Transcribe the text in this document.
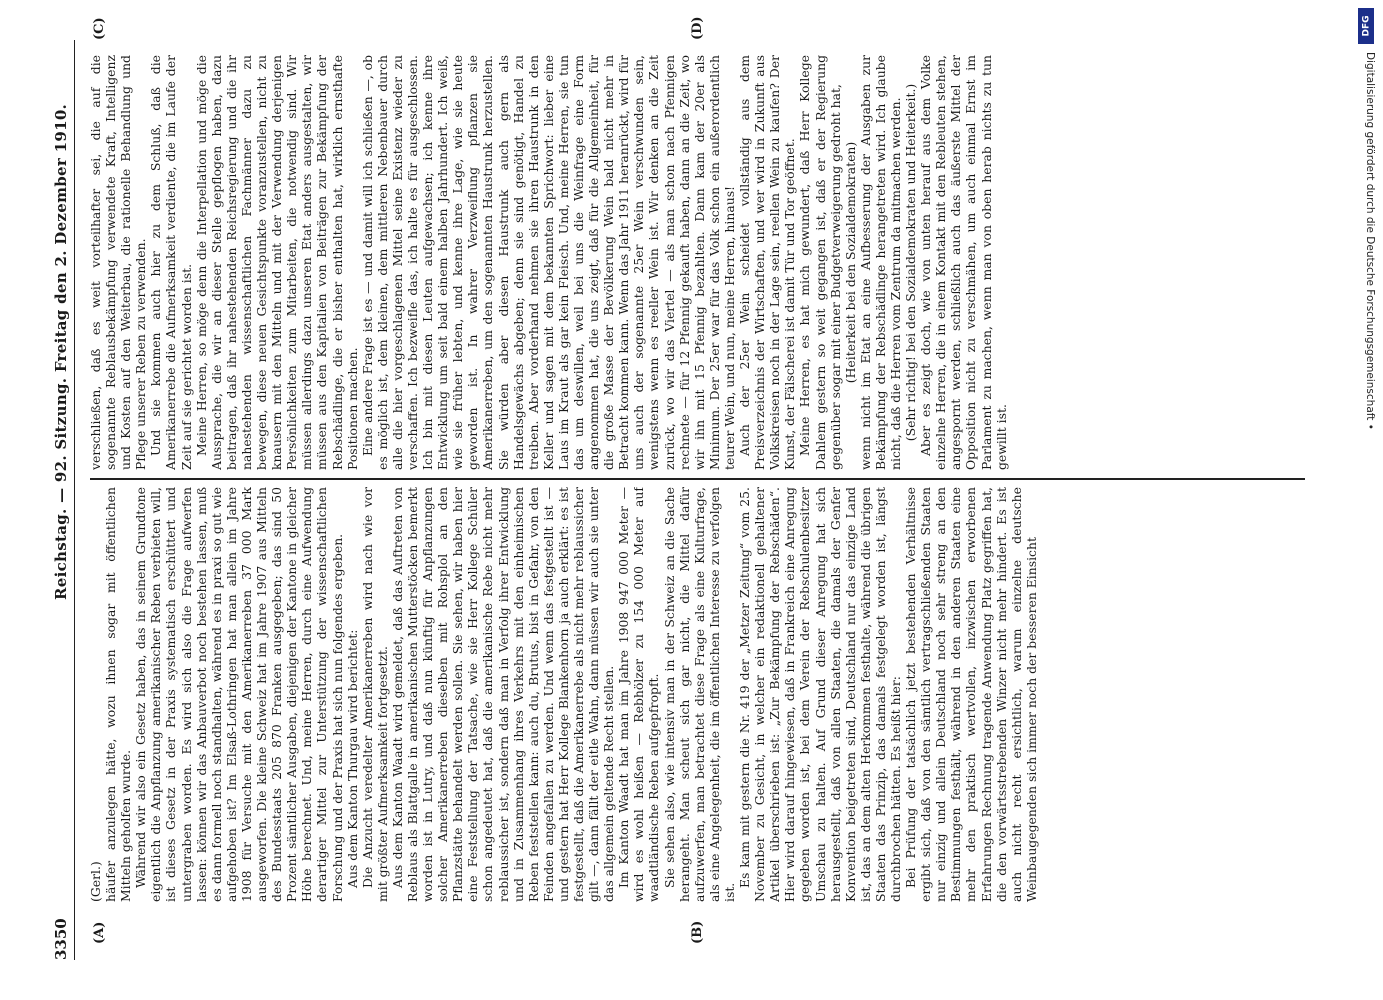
3350
Reichstag. — 92. Sitzung. Freitag den 2. Dezember 1910.
(A)	(B)
(C)	(D)

(Gerl.) häufer anzulegen hätte, wozu ihnen sogar mit öffentlichen Mitteln geholfen wurde. Während wir also ein Gesetz haben, das in seinem Grundtone eigentlich die Anpflanzung amerikanischer Reben verbieten will, ist dieses Gesetz in der Praxis systematisch erschüttert und untergraben worden. Es wird sich also die Frage aufwerfen lassen: können wir das Anbauverbot noch bestehen lassen, muß es dann formell noch standhalten, während es in praxi so gut wie aufgehoben ist? Im Elsaß-Lothringen hat man allein im Jahre 1908 für Versuche mit den Amerikanerreben 37 000 Mark ausgeworfen. Die kleine Schweiz hat im Jahre 1907 aus Mitteln des Bundesstaats 205 870 Franken ausgegeben; das sind 50 Prozent sämtlicher Ausgaben, diejenigen der Kantone in gleicher Höhe berechnet. Und, meine Herren, durch eine Aufwendung derartiger Mittel zur Unterstützung der wissenschaftlichen Forschung und der Praxis hat sich nun folgendes ergeben. Aus dem Kanton Thurgau wird berichtet: Die Anzucht veredelter Amerikanerreben wird nach wie vor mit größter Aufmerksamkeit fortgesetzt. Aus dem Kanton Waadt wird gemeldet, daß das Auftreten von Reblaus als Blattgalle in amerikanischen Mutterstöcken bemerkt worden ist in Lutry, und daß nun künftig für Anpflanzungen solcher Amerikanerreben dieselben mit Rohsplol an den Pflanzstätte behandelt werden sollen. Sie sehen, wir haben hier eine Feststellung der Tatsache, wie sie Herr Kollege Schüler schon angedeutet hat, daß die amerikanische Rebe nicht mehr reblaussicher ist, sondern daß man in Verfolg ihrer Entwicklung und in Zusammenhang ihres Verkehrs mit den einheimischen Reben feststellen kann: auch du, Brutus, bist in Gefahr, von den Feinden angefallen zu werden. Und wenn das festgestellt ist — und gestern hat Herr Kollege Blankenhorn ja auch erklärt: es ist festgestellt, daß die Amerikanerrebe als nicht mehr reblaussicher gilt —, dann fällt der eitle Wahn, dann müssen wir auch sie unter das allgemein geltende Recht stellen. Im Kanton Waadt hat man im Jahre 1908 947 000 Meter — wird es wohl heißen — Rebhölzer zu 154 000 Meter auf waadtländische Reben aufgepfropft. Sie sehen also, wie intensiv man in der Schweiz an die Sache herangeht. Man scheut sich gar nicht, die Mittel dafür aufzuwerfen, man betrachtet diese Frage als eine Kulturfrage, als eine Angelegenheit, die im öffentlichen Interesse zu verfolgen ist.

Es kam mit gestern die Nr. 419 der „Metzer Zeitung“ vom 25. November zu Gesicht, in welcher ein redaktionell gehaltener Artikel überschrieben ist: „Zur Bekämpfung der Rebschäden“. Hier wird darauf hingewiesen, daß in Frankreich eine Anregung gegeben worden ist, bei dem Verein der Rebschulenbesitzer Umschau zu halten. Auf Grund dieser Anregung hat sich herausgestellt, daß von allen Staaten, die damals der Genfer Konvention beigetreten sind, Deutschland nur das einzige Land ist, das an dem alten Herkommen festhalte, während die übrigen Staaten das Prinzip, das damals festgelegt worden ist, längst durchbrochen hätten. Es heißt hier: Bei Prüfung der tatsächlich jetzt bestehenden Verhältnisse ergibt sich, daß von den sämtlich vertragschließenden Staaten nur einzig und allein Deutschland noch sehr streng an den Bestimmungen festhält, während in den anderen Staaten eine mehr den praktisch wertvollen, inzwischen erworbenen Erfahrungen Rechnung tragende Anwendung Platz gegriffen hat, die den vorwärtsstrebenden Winzer nicht mehr hindert. Es ist auch nicht recht ersichtlich, warum einzelne deutsche Weinbaugegenden sich immer noch der besseren Einsicht

verschließen, daß es weit vorteilhafter sei, die auf die sogenannte Reblausbekämpfung verwendete Kraft, Intelligenz und Kosten auf den Weiterbau, die rationelle Behandlung und Pflege unserer Reben zu verwenden. Und sie kommen auch hier zu dem Schluß, daß die Amerikanerrebe die Aufmerksamkeit verdiente, die im Laufe der Zeit auf sie gerichtet worden ist. Meine Herren, so möge denn die Interpellation und möge die Aussprache, die wir an dieser Stelle gepflogen haben, dazu beitragen, daß ihr nahestehenden Reichsregierung und die ihr nahestehenden wissenschaftlichen Fachmänner dazu zu bewegen, diese neuen Gesichtspunkte voranzustellen, nicht zu knausern mit den Mitteln und mit der Verwendung derjenigen Persönlichkeiten zum Mitarbeiten, die notwendig sind. Wir müssen allerdings dazu unseren Etat anders ausgestalten, wir müssen aus den Kapitalien von Beiträgen zur Bekämpfung der Rebschädlinge, die er bisher enthalten hat, wirklich ernsthafte Positionen machen. Eine andere Frage ist es — und damit will ich schließen —, ob es möglich ist, dem kleinen, dem mittleren Nebenbauer durch alle die hier vorgeschlagenen Mittel seine Existenz wieder zu verschaffen. Ich bezweifle das, ich halte es für ausgeschlossen. Ich bin mit diesen Leuten aufgewachsen; ich kenne ihre Entwicklung um seit bald einem halben Jahrhundert. Ich weiß, wie sie früher lebten, und kenne ihre Lage, wie sie heute geworden ist. In wahrer Verzweiflung pflanzen sie Amerikanerreben, um den sogenannten Haustrunk herzustellen. Sie würden aber diesen Haustrunk auch gern als Handelsgewächs abgeben; denn sie sind genötigt, Handel zu treiben. Aber vorderhand nehmen sie ihren Haustrunk in den Keller und sagen mit dem bekannten Sprichwort: lieber eine Laus im Kraut als gar kein Fleisch. Und, meine Herren, sie tun das um deswillen, weil bei uns die Weinfrage eine Form angenommen hat, die uns zeigt, daß für die Allgemeinheit, für die große Masse der Bevölkerung Wein bald nicht mehr in Betracht kommen kann. Wenn das Jahr 1911 heranrückt, wird für uns auch der sogenannte 25er Wein verschwunden sein, wenigstens wenn es reeller Wein ist. Wir denken an die Zeit zurück, wo wir das Viertel — als man schon nach Pfennigen rechnete — für 12 Pfennig gekauft haben, dann an die Zeit, wo wir ihn mit 15 Pfennig bezahlten. Dann kam der 20er als Minimum. Der 25er war für das Volk schon ein außerordentlich teurer Wein, und nun, meine Herren, hinaus! Auch der 25er Wein scheidet vollständig aus dem Preisverzeichnis der Wirtschaften, und wer wird in Zukunft aus Volkskreisen noch in der Lage sein, reellen Wein zu kaufen? Der Kunst, der Fälscherei ist damit Tür und Tor geöffnet. Meine Herren, es hat mich gewundert, daß Herr Kollege Dahlem gestern so weit gegangen ist, daß er der Regierung gegenüber sogar mit einer Budgetverweigerung gedroht hat, (Heiterkeit bei den Sozialdemokraten) wenn nicht im Etat an eine Aufbesserung der Ausgaben zur Bekämpfung der Rebschädlinge herangetreten wird. Ich glaube nicht, daß die Herren vom Zentrum da mitmachen werden. (Sehr richtig! bei den Sozialdemokraten und Heiterkeit.) Aber es zeigt doch, wie von unten herauf aus dem Volke einzelne Herren, die in einem Kontakt mit den Rebleuten stehen, angespornt werden, schließlich auch das äußerste Mittel der Opposition nicht zu verschmähen, um auch einmal Ernst im Parlament zu machen, wenn man von oben herab nichts zu tun gewillt ist.

DFG
Digitalisierung gefördert durch die Deutsche Forschungsgemeinschaft •
